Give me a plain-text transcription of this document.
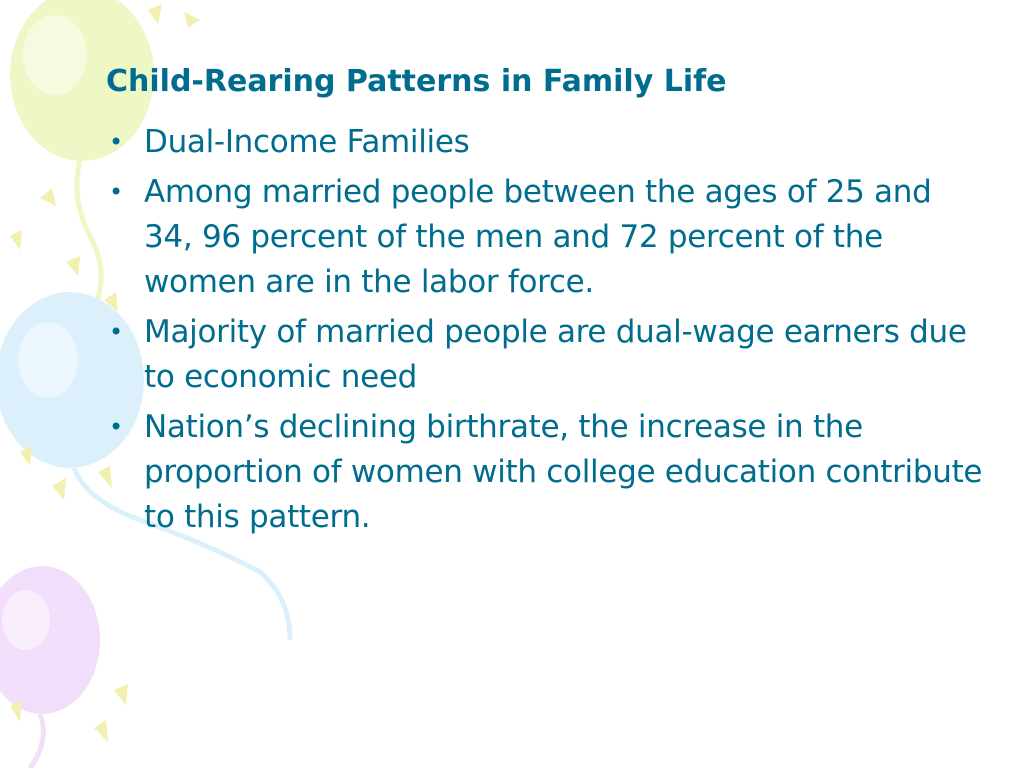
Child-Rearing Patterns in Family Life
• Dual-Income Families
• Among married people between the ages of 25 and 34, 96 percent of the men and 72 percent of the women are in the labor force.
• Majority of married people are dual-wage earners due to economic need
• Nation’s declining birthrate, the increase in the proportion of women with college education contribute to this pattern.
